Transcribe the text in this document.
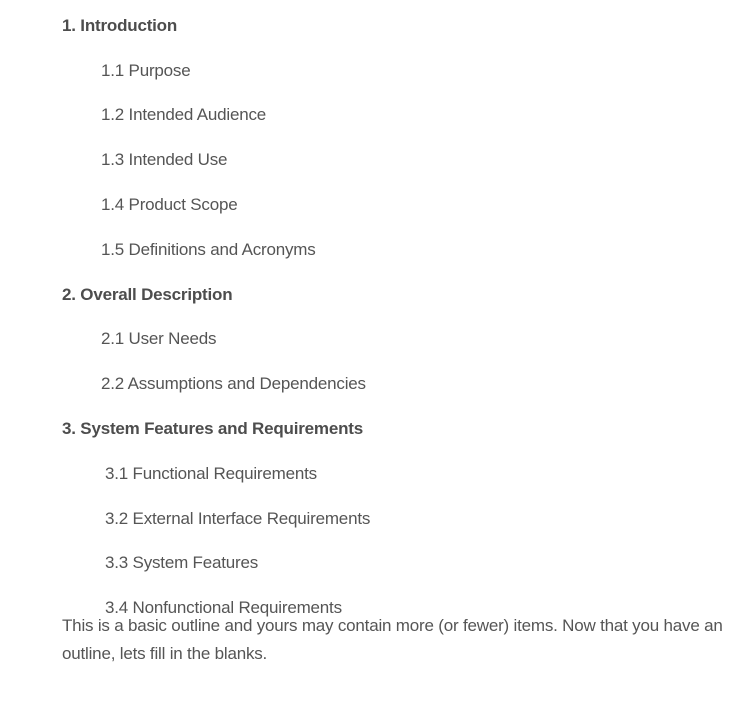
1. Introduction
1.1 Purpose
1.2 Intended Audience
1.3 Intended Use
1.4 Product Scope
1.5 Definitions and Acronyms
2. Overall Description
2.1 User Needs
2.2 Assumptions and Dependencies
3. System Features and Requirements
3.1 Functional Requirements
3.2 External Interface Requirements
3.3 System Features
3.4 Nonfunctional Requirements
This is a basic outline and yours may contain more (or fewer) items. Now that you have an
outline, lets fill in the blanks.
